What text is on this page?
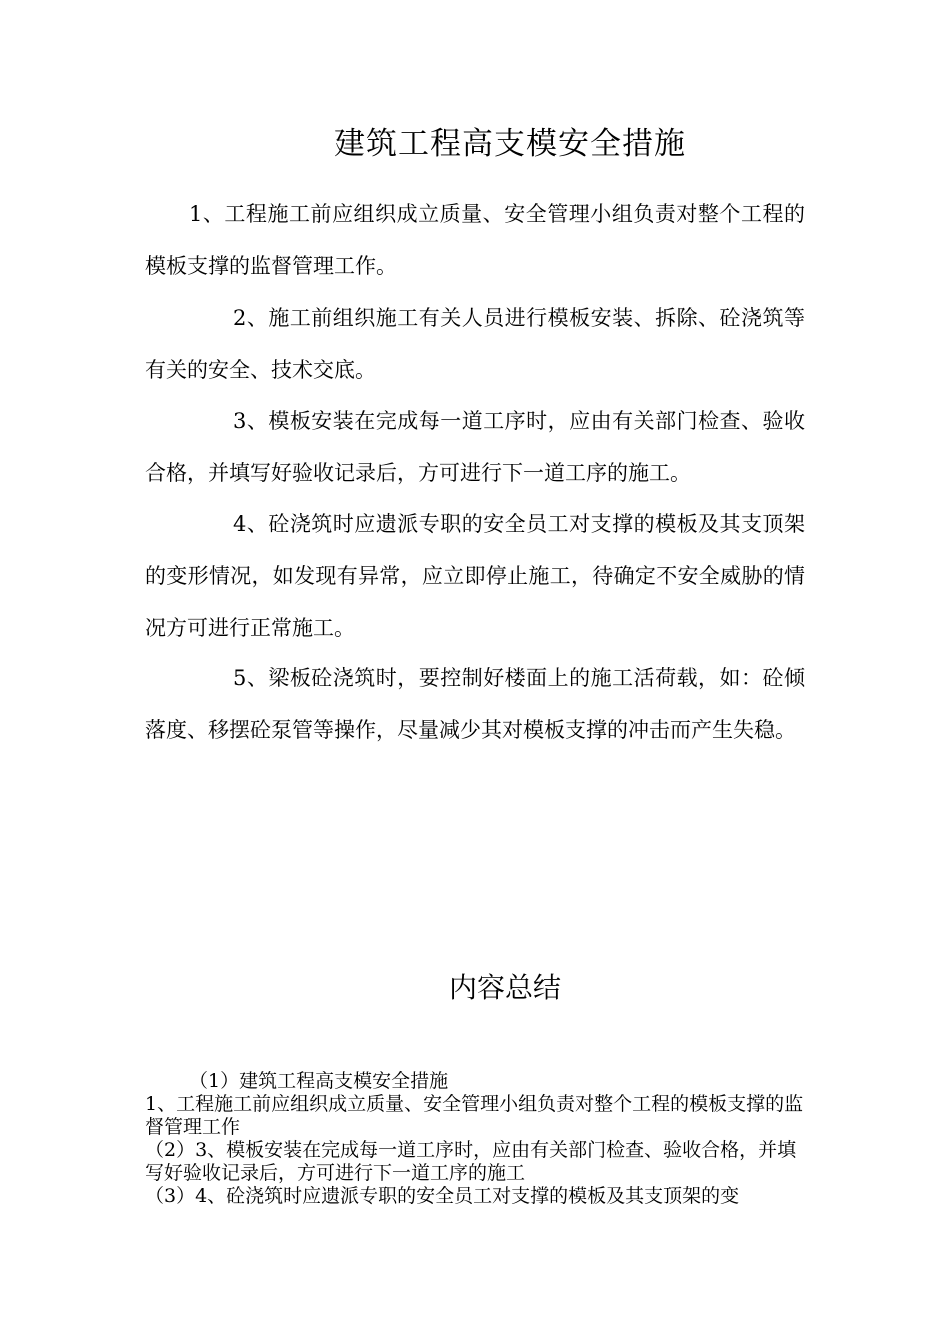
建筑工程高支模安全措施

1、工程施工前应组织成立质量、安全管理小组负责对整个工程的模板支撑的监督管理工作。

2、施工前组织施工有关人员进行模板安装、拆除、砼浇筑等有关的安全、技术交底。

3、模板安装在完成每一道工序时，应由有关部门检查、验收合格，并填写好验收记录后，方可进行下一道工序的施工。

4、砼浇筑时应遗派专职的安全员工对支撑的模板及其支顶架的变形情况，如发现有异常，应立即停止施工，待确定不安全威胁的情况方可进行正常施工。

5、梁板砼浇筑时，要控制好楼面上的施工活荷载，如：砼倾落度、移摆砼泵管等操作，尽量减少其对模板支撑的冲击而产生失稳。

内容总结
（1）建筑工程高支模安全措施
1、工程施工前应组织成立质量、安全管理小组负责对整个工程的模板支撑的监督管理工作
（2）3、模板安装在完成每一道工序时，应由有关部门检查、验收合格，并填写好验收记录后，方可进行下一道工序的施工
（3）4、砼浇筑时应遗派专职的安全员工对支撑的模板及其支顶架的变
